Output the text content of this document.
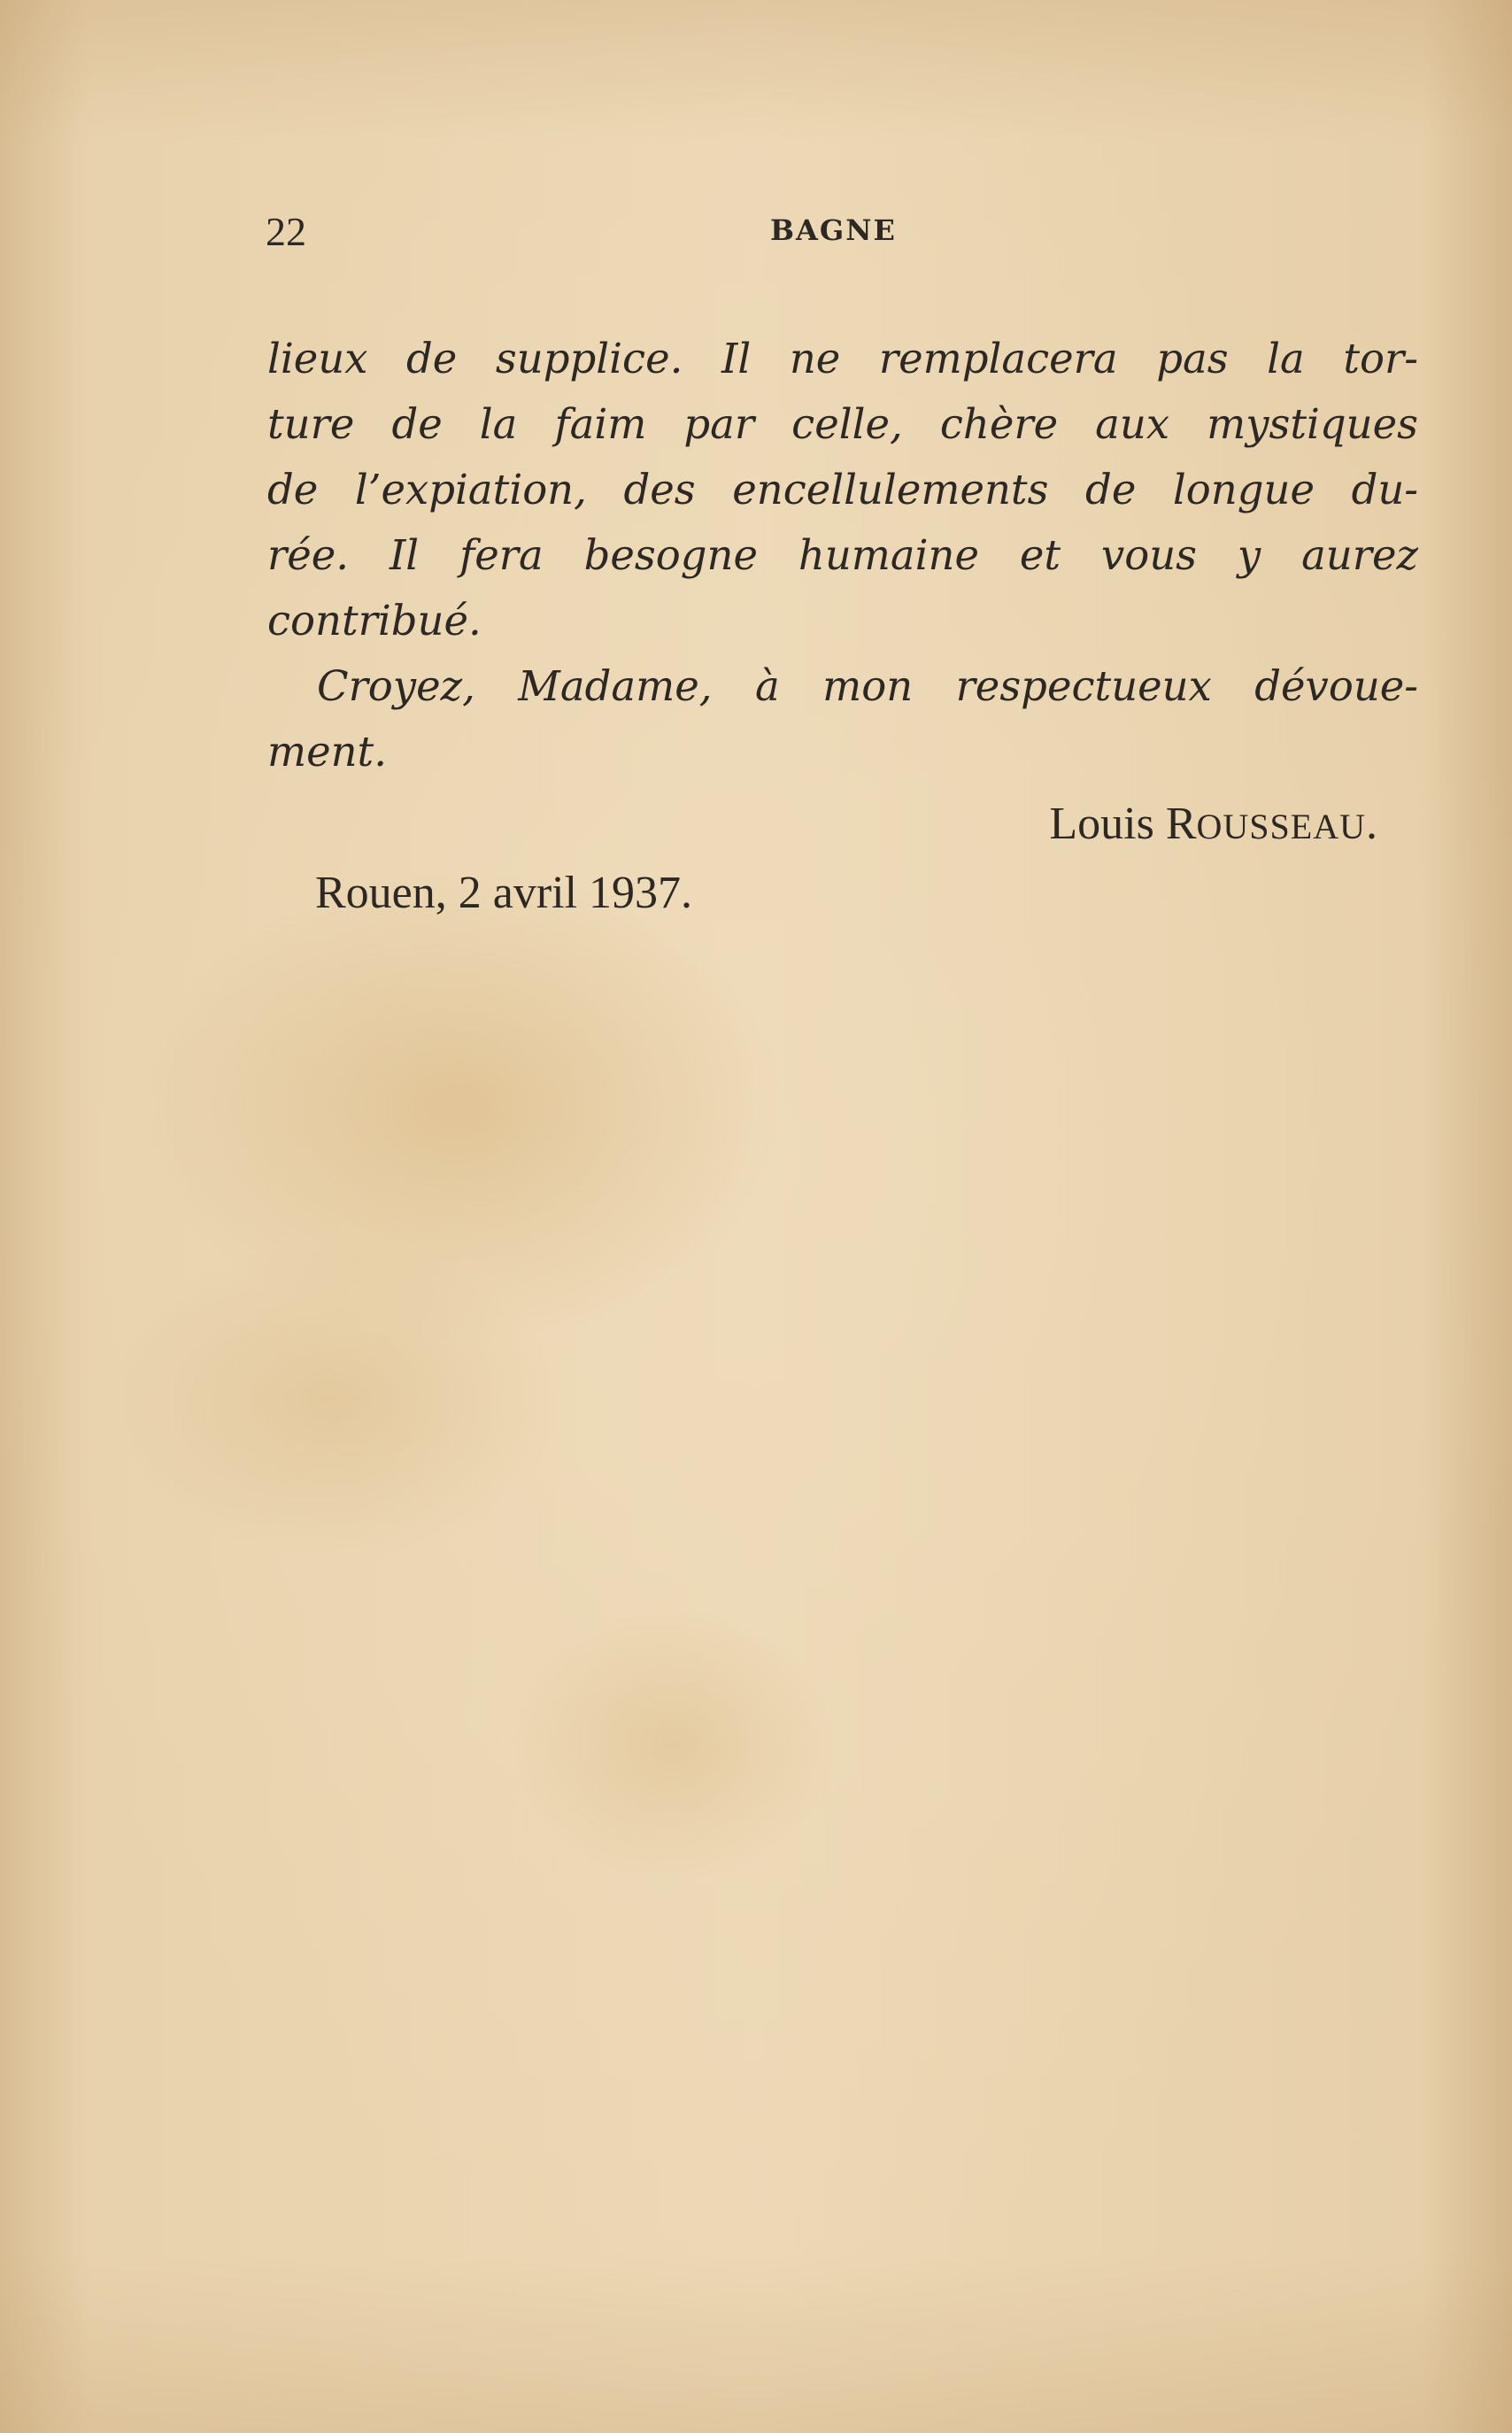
22	BAGNE
lieux de supplice. Il ne remplacera pas la tor-
ture de la faim par celle, chère aux mystiques
de l’expiation, des encellulements de longue du-
rée. Il fera besogne humaine et vous y aurez
contribué.
Croyez, Madame, à mon respectueux dévoue-
ment.
Louis ROUSSEAU.
Rouen, 2 avril 1937.
